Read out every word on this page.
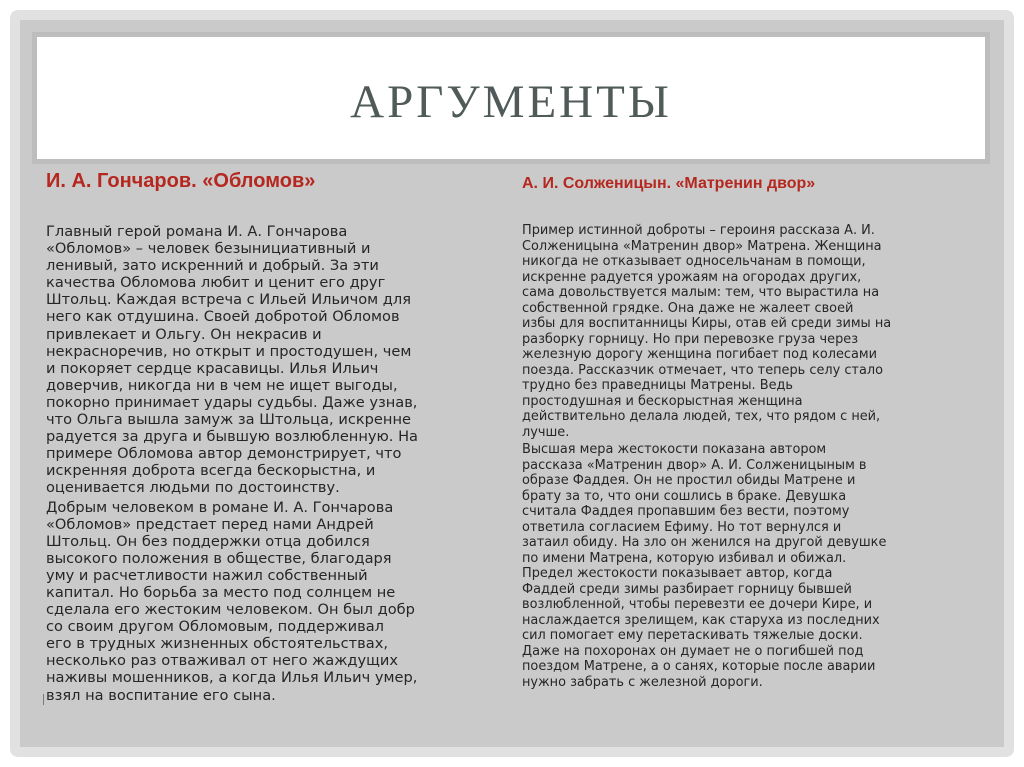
АРГУМЕНТЫ
И. А. Гончаров. «Обломов»

Главный герой романа И. А. Гончарова
«Обломов» – человек безынициативный и
ленивый, зато искренний и добрый. За эти
качества Обломова любит и ценит его друг
Штольц. Каждая встреча с Ильей Ильичом для
него как отдушина. Своей добротой Обломов
привлекает и Ольгу. Он некрасив и
некрасноречив, но открыт и простодушен, чем
и покоряет сердце красавицы. Илья Ильич
доверчив, никогда ни в чем не ищет выгоды,
покорно принимает удары судьбы. Даже узнав,
что Ольга вышла замуж за Штольца, искренне
радуется за друга и бывшую возлюбленную. На
примере Обломова автор демонстрирует, что
искренняя доброта всегда бескорыстна, и
оценивается людьми по достоинству.

Добрым человеком в романе И. А. Гончарова
«Обломов» предстает перед нами Андрей
Штольц. Он без поддержки отца добился
высокого положения в обществе, благодаря
уму и расчетливости нажил собственный
капитал. Но борьба за место под солнцем не
сделала его жестоким человеком. Он был добр
со своим другом Обломовым, поддерживал
его в трудных жизненных обстоятельствах,
несколько раз отваживал от него жаждущих
наживы мошенников, а когда Илья Ильич умер,
взял на воспитание его сына.

А. И. Солженицын. «Матренин двор»

Пример истинной доброты – героиня рассказа А. И.
Солженицына «Матренин двор» Матрена. Женщина
никогда не отказывает односельчанам в помощи,
искренне радуется урожаям на огородах других,
сама довольствуется малым: тем, что вырастила на
собственной грядке. Она даже не жалеет своей
избы для воспитанницы Киры, отав ей среди зимы на
разборку горницу. Но при перевозке груза через
железную дорогу женщина погибает под колесами
поезда. Рассказчик отмечает, что теперь селу стало
трудно без праведницы Матрены. Ведь
простодушная и бескорыстная женщина
действительно делала людей, тех, что рядом с ней,
лучше.

Высшая мера жестокости показана автором
рассказа «Матренин двор» А. И. Солженицыным в
образе Фаддея. Он не простил обиды Матрене и
брату за то, что они сошлись в браке. Девушка
считала Фаддея пропавшим без вести, поэтому
ответила согласием Ефиму. Но тот вернулся и
затаил обиду. На зло он женился на другой девушке
по имени Матрена, которую избивал и обижал.
Предел жестокости показывает автор, когда
Фаддей среди зимы разбирает горницу бывшей
возлюбленной, чтобы перевезти ее дочери Кире, и
наслаждается зрелищем, как старуха из последних
сил помогает ему перетаскивать тяжелые доски.
Даже на похоронах он думает не о погибшей под
поездом Матрене, а о санях, которые после аварии
нужно забрать с железной дороги.
